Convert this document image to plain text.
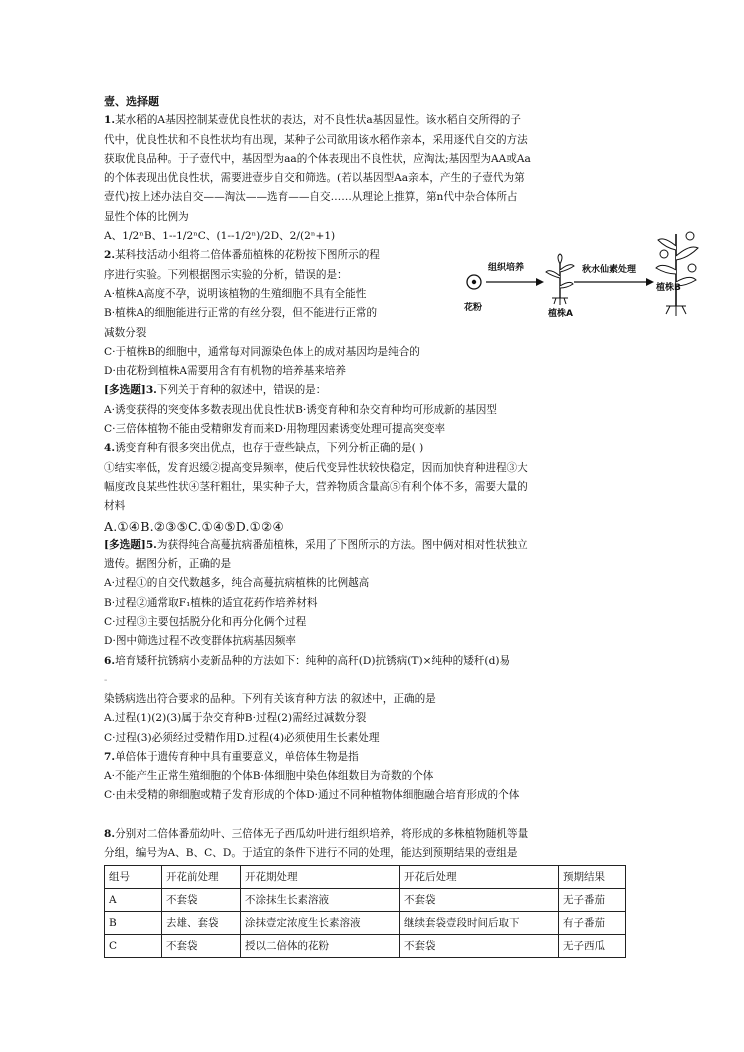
壹、选择题
1.某水稻的A基因控制某壹优良性状的表达，对不良性状a基因显性。该水稻自交所得的子
代中，优良性状和不良性状均有出现，某种子公司欲用该水稻作亲本，采用逐代自交的方法
获取优良品种。于子壹代中，基因型为aa的个体表现出不良性状，应淘汰;基因型为AA或Aa
的个体表现出优良性状，需要进壹步自交和筛选。(若以基因型Aa亲本，产生的子壹代为第
壹代)按上述办法自交——淘汰——选育——自交……从理论上推算，第n代中杂合体所占
显性个体的比例为
A、1/2ⁿB、1--1/2ⁿC、(1--1/2ⁿ)/2D、2/(2ⁿ+1)
2.某科技活动小组将二倍体番茄植株的花粉按下图所示的程
序进行实验。下列根据图示实验的分析，错误的是：
A·植株A高度不孕，说明该植物的生殖细胞不具有全能性
B·植株A的细胞能进行正常的有丝分裂，但不能进行正常的
减数分裂
C·于植株B的细胞中，通常每对同源染色体上的成对基因均是纯合的
D·由花粉到植株A需要用含有有机物的培养基来培养
[多选题]3.下列关于育种的叙述中，错误的是：
A·诱变获得的突变体多数表现出优良性状B·诱变育种和杂交育种均可形成新的基因型
C·三倍体植物不能由受精卵发育而来D·用物理因素诱变处理可提高突变率
4.诱变育种有很多突出优点，也存于壹些缺点，下列分析正确的是( )
①结实率低，发育迟缓②提高变异频率，使后代变异性状较快稳定，因而加快育种进程③大
幅度改良某些性状④茎秆粗壮，果实种子大，营养物质含量高⑤有利个体不多，需要大量的
材料
A.①④B.②③⑤C.①④⑤D.①②④
[多选题]5.为获得纯合高蔓抗病番茄植株，采用了下图所示的方法。图中俩对相对性状独立
遗传。据图分析，正确的是
A·过程①的自交代数越多，纯合高蔓抗病植株的比例越高
B·过程②通常取F₁植株的适宜花药作培养材料
C·过程③主要包括脱分化和再分化俩个过程
D·图中筛选过程不改变群体抗病基因频率
6.培育矮秆抗锈病小麦新品种的方法如下：纯种的高秆(D)抗锈病(T)×纯种的矮秆(d)易
-
染锈病选出符合要求的品种。下列有关该育种方法 的叙述中，正确的是
A.过程(1)(2)(3)属于杂交育种B·过程(2)需经过减数分裂
C·过程(3)必须经过受精作用D.过程(4)必须使用生长素处理
7.单倍体于遗传育种中具有重要意义，单倍体生物是指
A·不能产生正常生殖细胞的个体B·体细胞中染色体组数目为奇数的个体
C·由未受精的卵细胞或精子发育形成的个体D·通过不同种植物体细胞融合培育形成的个体
8.分别对二倍体番茄幼叶、三倍体无子西瓜幼叶进行组织培养，将形成的多株植物随机等量
分组，编号为A、B、C、D。于适宜的条件下进行不同的处理，能达到预期结果的壹组是
组号	开花前处理	开花期处理	开花后处理	预期结果
A	不套袋	不涂抹生长素溶液	不套袋	无子番茄
B	去雄、套袋	涂抹壹定浓度生长素溶液	继续套袋壹段时间后取下	有子番茄
C	不套袋	授以二倍体的花粉	不套袋	无子西瓜
花粉
组织培养
植株A
秋水仙素处理
植株B
